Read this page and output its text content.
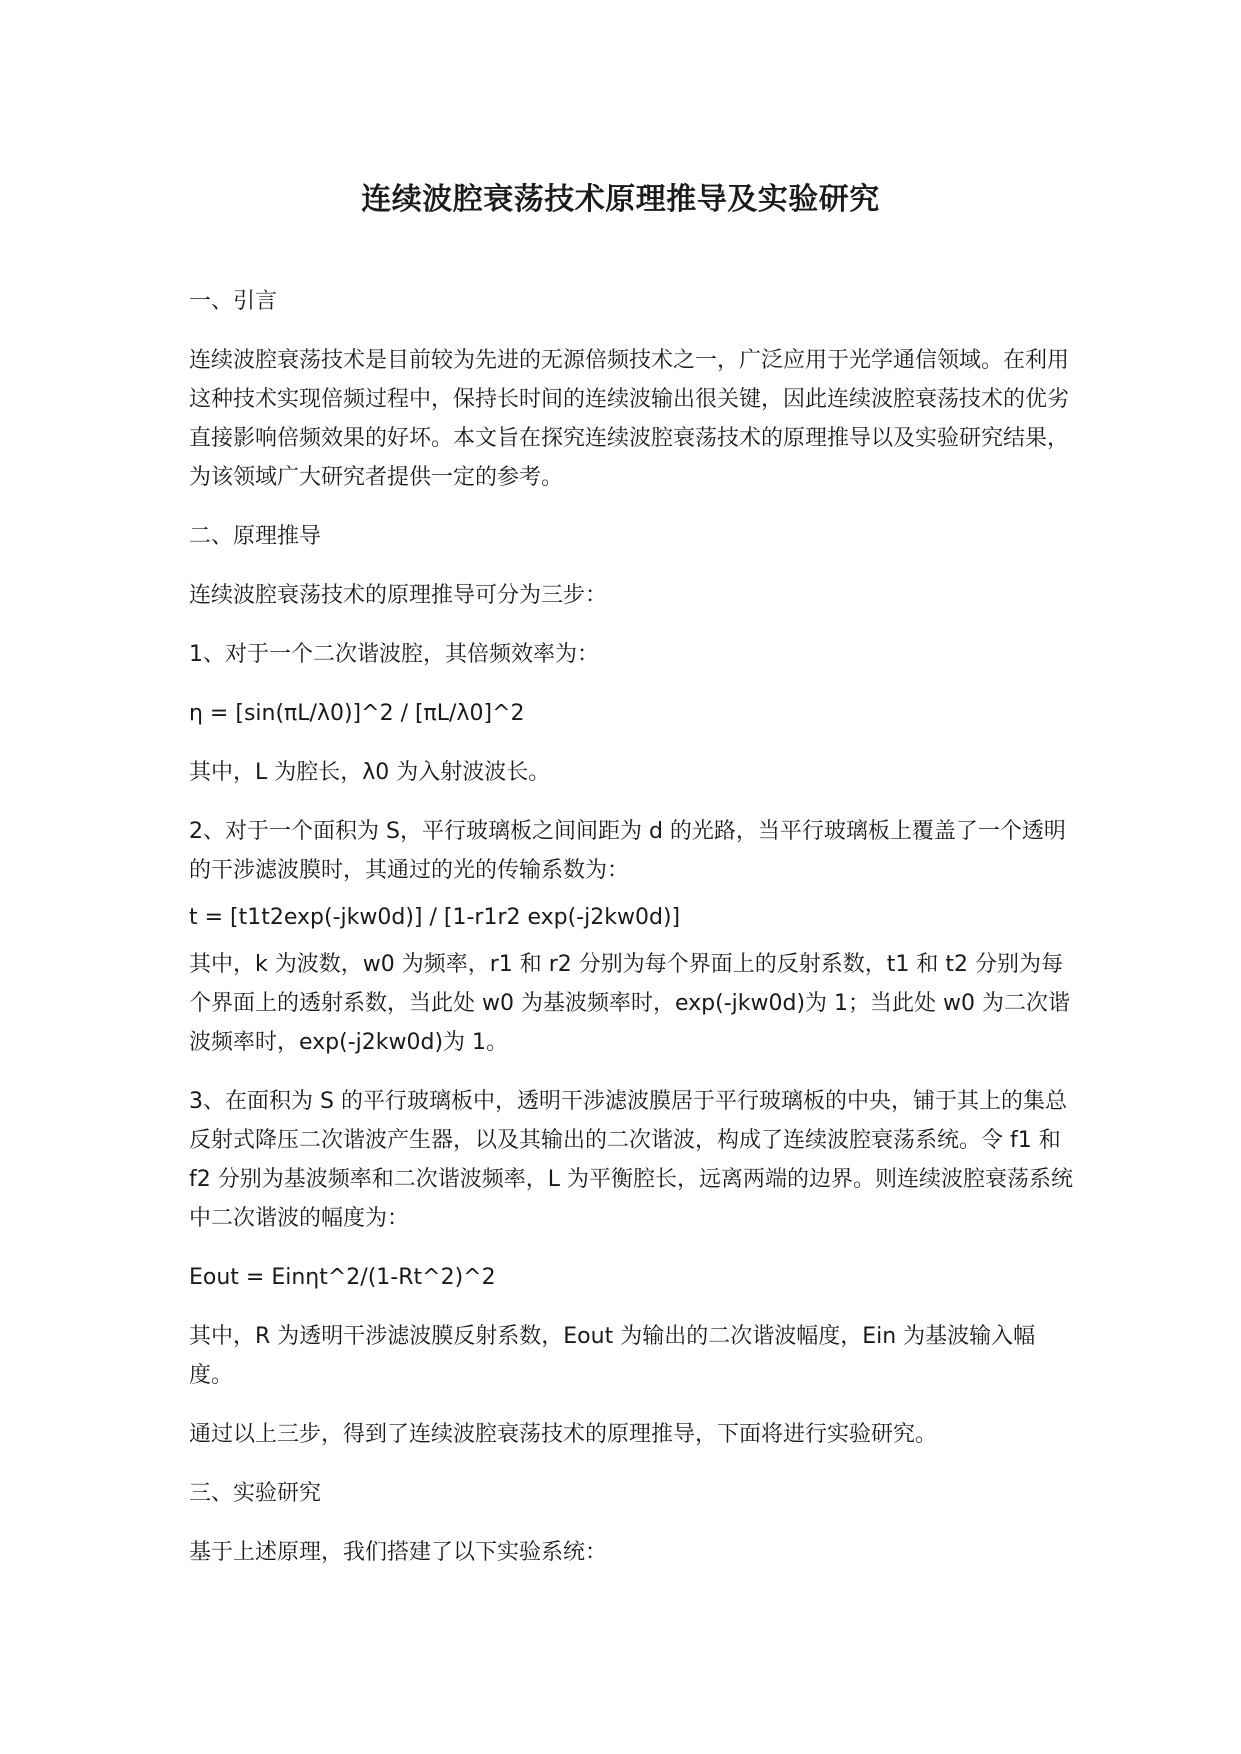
连续波腔衰荡技术原理推导及实验研究

一、引言

连续波腔衰荡技术是目前较为先进的无源倍频技术之一，广泛应用于光学通信领域。在利用这种技术实现倍频过程中，保持长时间的连续波输出很关键，因此连续波腔衰荡技术的优劣直接影响倍频效果的好坏。本文旨在探究连续波腔衰荡技术的原理推导以及实验研究结果，为该领域广大研究者提供一定的参考。

二、原理推导

连续波腔衰荡技术的原理推导可分为三步：

1、对于一个二次谐波腔，其倍频效率为：

η = [sin(πL/λ0)]^2 / [πL/λ0]^2

其中，L 为腔长，λ0 为入射波波长。

2、对于一个面积为 S，平行玻璃板之间间距为 d 的光路，当平行玻璃板上覆盖了一个透明的干涉滤波膜时，其通过的光的传输系数为：

t = [t1t2exp(-jkw0d)] / [1-r1r2 exp(-j2kw0d)]

其中，k 为波数，w0 为频率，r1 和 r2 分别为每个界面上的反射系数，t1 和 t2 分别为每个界面上的透射系数，当此处 w0 为基波频率时，exp(-jkw0d)为 1；当此处 w0 为二次谐波频率时，exp(-j2kw0d)为 1。

3、在面积为 S 的平行玻璃板中，透明干涉滤波膜居于平行玻璃板的中央，铺于其上的集总反射式降压二次谐波产生器，以及其输出的二次谐波，构成了连续波腔衰荡系统。令 f1 和 f2 分别为基波频率和二次谐波频率，L 为平衡腔长，远离两端的边界。则连续波腔衰荡系统中二次谐波的幅度为：

Eout = Einηt^2/(1-Rt^2)^2

其中，R 为透明干涉滤波膜反射系数，Eout 为输出的二次谐波幅度，Ein 为基波输入幅度。

通过以上三步，得到了连续波腔衰荡技术的原理推导，下面将进行实验研究。

三、实验研究

基于上述原理，我们搭建了以下实验系统：
